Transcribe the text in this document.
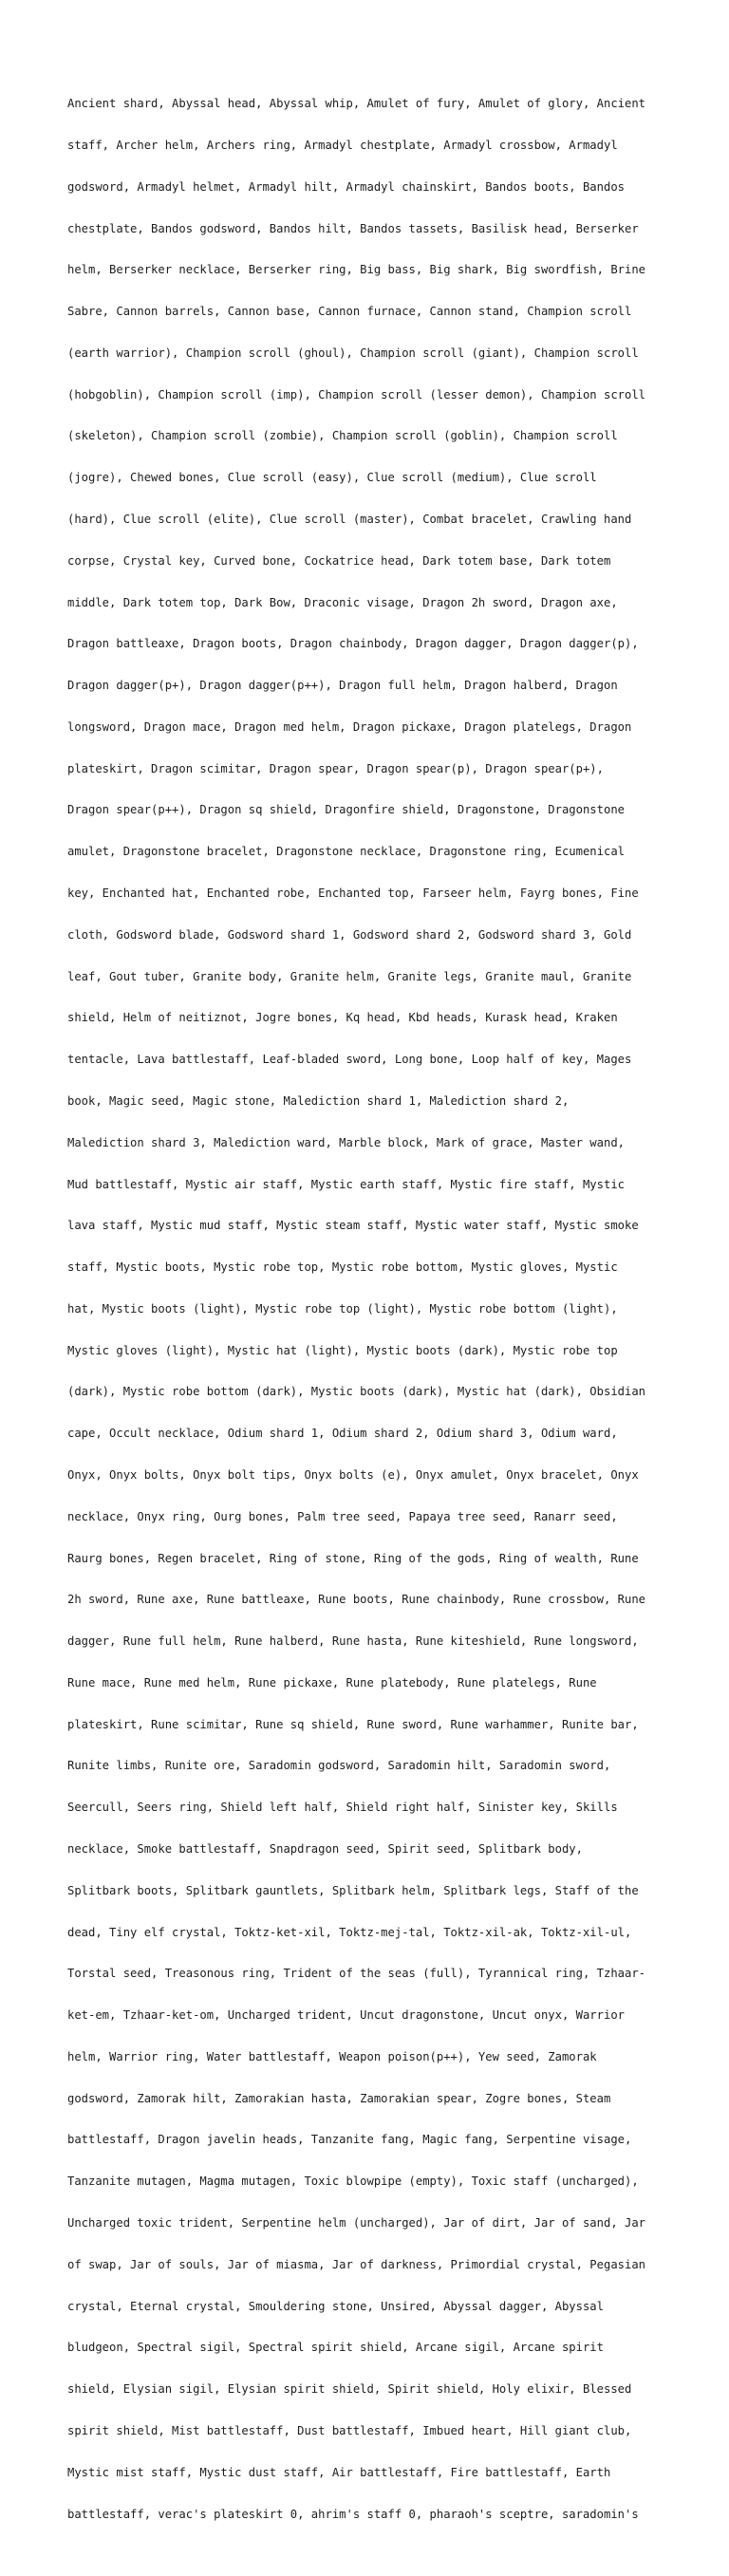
Ancient shard, Abyssal head, Abyssal whip, Amulet of fury, Amulet of glory, Ancient

staff, Archer helm, Archers ring, Armadyl chestplate, Armadyl crossbow, Armadyl

godsword, Armadyl helmet, Armadyl hilt, Armadyl chainskirt, Bandos boots, Bandos

chestplate, Bandos godsword, Bandos hilt, Bandos tassets, Basilisk head, Berserker

helm, Berserker necklace, Berserker ring, Big bass, Big shark, Big swordfish, Brine

Sabre, Cannon barrels, Cannon base, Cannon furnace, Cannon stand, Champion scroll

(earth warrior), Champion scroll (ghoul), Champion scroll (giant), Champion scroll

(hobgoblin), Champion scroll (imp), Champion scroll (lesser demon), Champion scroll

(skeleton), Champion scroll (zombie), Champion scroll (goblin), Champion scroll

(jogre), Chewed bones, Clue scroll (easy), Clue scroll (medium), Clue scroll

(hard), Clue scroll (elite), Clue scroll (master), Combat bracelet, Crawling hand

corpse, Crystal key, Curved bone, Cockatrice head, Dark totem base, Dark totem

middle, Dark totem top, Dark Bow, Draconic visage, Dragon 2h sword, Dragon axe,

Dragon battleaxe, Dragon boots, Dragon chainbody, Dragon dagger, Dragon dagger(p),

Dragon dagger(p+), Dragon dagger(p++), Dragon full helm, Dragon halberd, Dragon

longsword, Dragon mace, Dragon med helm, Dragon pickaxe, Dragon platelegs, Dragon

plateskirt, Dragon scimitar, Dragon spear, Dragon spear(p), Dragon spear(p+),

Dragon spear(p++), Dragon sq shield, Dragonfire shield, Dragonstone, Dragonstone

amulet, Dragonstone bracelet, Dragonstone necklace, Dragonstone ring, Ecumenical

key, Enchanted hat, Enchanted robe, Enchanted top, Farseer helm, Fayrg bones, Fine

cloth, Godsword blade, Godsword shard 1, Godsword shard 2, Godsword shard 3, Gold

leaf, Gout tuber, Granite body, Granite helm, Granite legs, Granite maul, Granite

shield, Helm of neitiznot, Jogre bones, Kq head, Kbd heads, Kurask head, Kraken

tentacle, Lava battlestaff, Leaf-bladed sword, Long bone, Loop half of key, Mages

book, Magic seed, Magic stone, Malediction shard 1, Malediction shard 2,

Malediction shard 3, Malediction ward, Marble block, Mark of grace, Master wand,

Mud battlestaff, Mystic air staff, Mystic earth staff, Mystic fire staff, Mystic

lava staff, Mystic mud staff, Mystic steam staff, Mystic water staff, Mystic smoke

staff, Mystic boots, Mystic robe top, Mystic robe bottom, Mystic gloves, Mystic

hat, Mystic boots (light), Mystic robe top (light), Mystic robe bottom (light),

Mystic gloves (light), Mystic hat (light), Mystic boots (dark), Mystic robe top

(dark), Mystic robe bottom (dark), Mystic boots (dark), Mystic hat (dark), Obsidian

cape, Occult necklace, Odium shard 1, Odium shard 2, Odium shard 3, Odium ward,

Onyx, Onyx bolts, Onyx bolt tips, Onyx bolts (e), Onyx amulet, Onyx bracelet, Onyx

necklace, Onyx ring, Ourg bones, Palm tree seed, Papaya tree seed, Ranarr seed,

Raurg bones, Regen bracelet, Ring of stone, Ring of the gods, Ring of wealth, Rune

2h sword, Rune axe, Rune battleaxe, Rune boots, Rune chainbody, Rune crossbow, Rune

dagger, Rune full helm, Rune halberd, Rune hasta, Rune kiteshield, Rune longsword,

Rune mace, Rune med helm, Rune pickaxe, Rune platebody, Rune platelegs, Rune

plateskirt, Rune scimitar, Rune sq shield, Rune sword, Rune warhammer, Runite bar,

Runite limbs, Runite ore, Saradomin godsword, Saradomin hilt, Saradomin sword,

Seercull, Seers ring, Shield left half, Shield right half, Sinister key, Skills

necklace, Smoke battlestaff, Snapdragon seed, Spirit seed, Splitbark body,

Splitbark boots, Splitbark gauntlets, Splitbark helm, Splitbark legs, Staff of the

dead, Tiny elf crystal, Toktz-ket-xil, Toktz-mej-tal, Toktz-xil-ak, Toktz-xil-ul,

Torstal seed, Treasonous ring, Trident of the seas (full), Tyrannical ring, Tzhaar-

ket-em, Tzhaar-ket-om, Uncharged trident, Uncut dragonstone, Uncut onyx, Warrior

helm, Warrior ring, Water battlestaff, Weapon poison(p++), Yew seed, Zamorak

godsword, Zamorak hilt, Zamorakian hasta, Zamorakian spear, Zogre bones, Steam

battlestaff, Dragon javelin heads, Tanzanite fang, Magic fang, Serpentine visage,

Tanzanite mutagen, Magma mutagen, Toxic blowpipe (empty), Toxic staff (uncharged),

Uncharged toxic trident, Serpentine helm (uncharged), Jar of dirt, Jar of sand, Jar

of swap, Jar of souls, Jar of miasma, Jar of darkness, Primordial crystal, Pegasian

crystal, Eternal crystal, Smouldering stone, Unsired, Abyssal dagger, Abyssal

bludgeon, Spectral sigil, Spectral spirit shield, Arcane sigil, Arcane spirit

shield, Elysian sigil, Elysian spirit shield, Spirit shield, Holy elixir, Blessed

spirit shield, Mist battlestaff, Dust battlestaff, Imbued heart, Hill giant club,

Mystic mist staff, Mystic dust staff, Air battlestaff, Fire battlestaff, Earth

battlestaff, verac's plateskirt 0, ahrim's staff 0, pharaoh's sceptre, saradomin's
